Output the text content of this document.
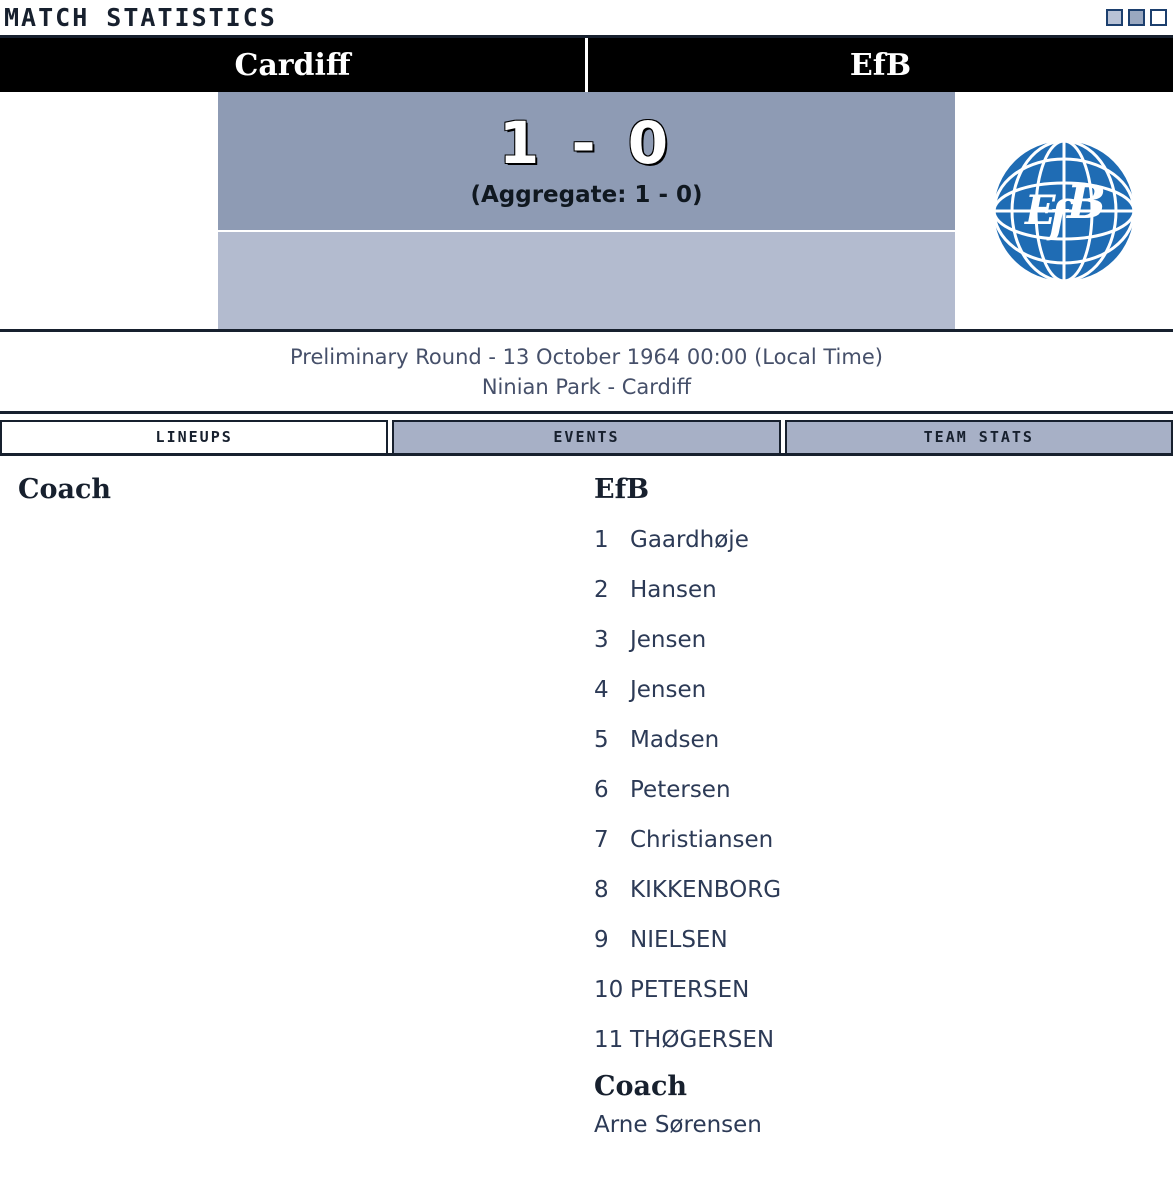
MATCH STATISTICS
Cardiff	EfB
1 - 0
(Aggregate: 1 - 0)	E
f B
Preliminary Round - 13 October 1964 00:00 (Local Time)
Ninian Park - Cardiff
LINEUPS	EVENTS	TEAM STATS
Coach	EfB
1 Gaardhøje
2 Hansen
3 Jensen
4 Jensen
5 Madsen
6 Petersen
7 Christiansen
8 KIKKENBORG
9 NIELSEN
10 PETERSEN
11 THØGERSEN
Coach
Arne Sørensen
